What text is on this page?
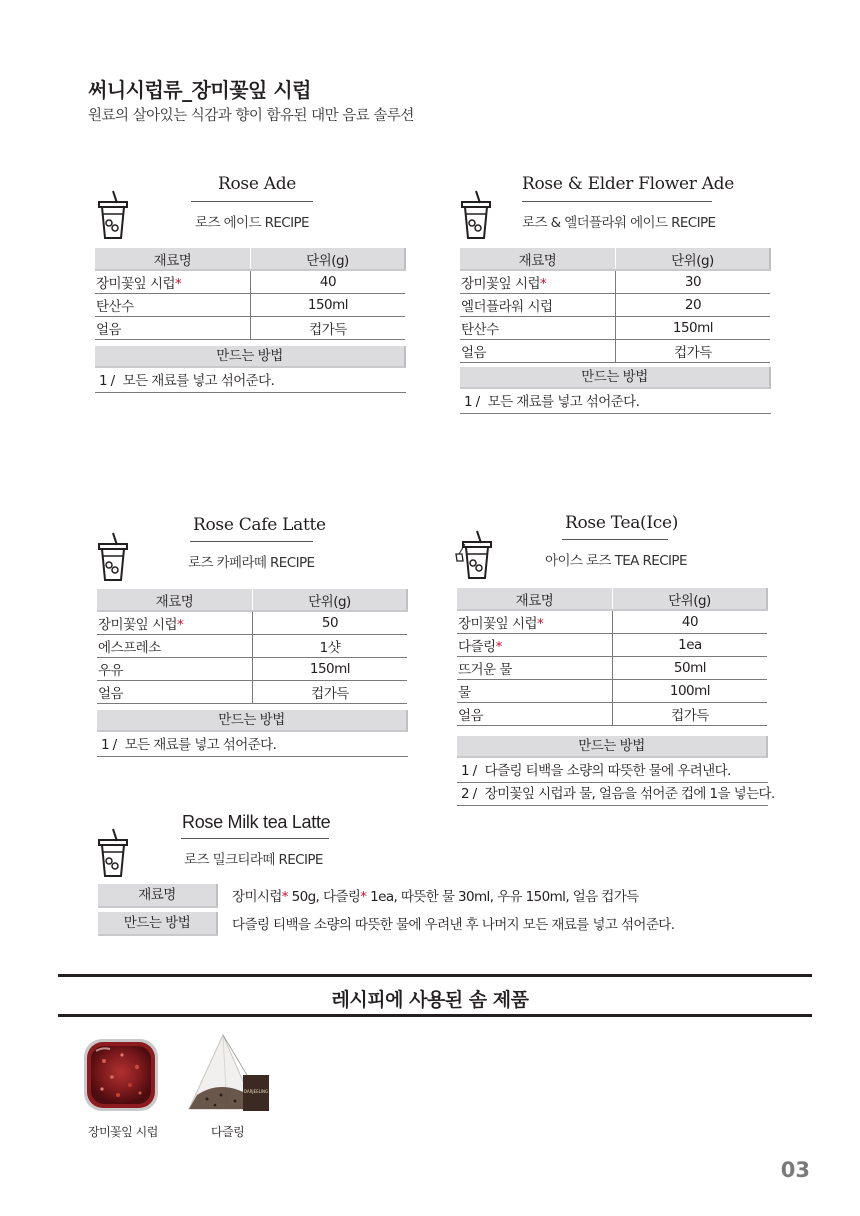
써니시럽류_장미꽃잎 시럽
원료의 살아있는 식감과 향이 함유된 대만 음료 솔루션
Rose Ade
로즈 에이드 RECIPE
재료명	단위(g)
장미꽃잎 시럽*	40
탄산수	150ml
얼음	컵가득
만드는 방법
1 / 모든 재료를 넣고 섞어준다.
Rose & Elder Flower Ade
로즈 & 엘더플라워 에이드 RECIPE
재료명	단위(g)
장미꽃잎 시럽*	30
엘더플라워 시럽	20
탄산수	150ml
얼음	컵가득
만드는 방법
1 / 모든 재료를 넣고 섞어준다.
Rose Cafe Latte
로즈 카페라떼 RECIPE
재료명	단위(g)
장미꽃잎 시럽*	50
에스프레소	1샷
우유	150ml
얼음	컵가득
만드는 방법
1 / 모든 재료를 넣고 섞어준다.
Rose Tea(Ice)
아이스 로즈 TEA RECIPE
재료명	단위(g)
장미꽃잎 시럽*	40
다즐링*	1ea
뜨거운 물	50ml
물	100ml
얼음	컵가득
만드는 방법
1 / 다즐링 티백을 소량의 따뜻한 물에 우려낸다.
2 / 장미꽃잎 시럽과 물, 얼음을 섞어준 컵에 1을 넣는다.
Rose Milk tea Latte
로즈 밀크티라떼 RECIPE
재료명	장미시럽* 50g, 다즐링* 1ea, 따뜻한 물 30ml, 우유 150ml, 얼음 컵가득
만드는 방법	다즐링 티백을 소량의 따뜻한 물에 우려낸 후 나머지 모든 재료를 넣고 섞어준다.
레시피에 사용된 솜 제품
장미꽃잎 시럽
DARJEELING
다즐링
03
